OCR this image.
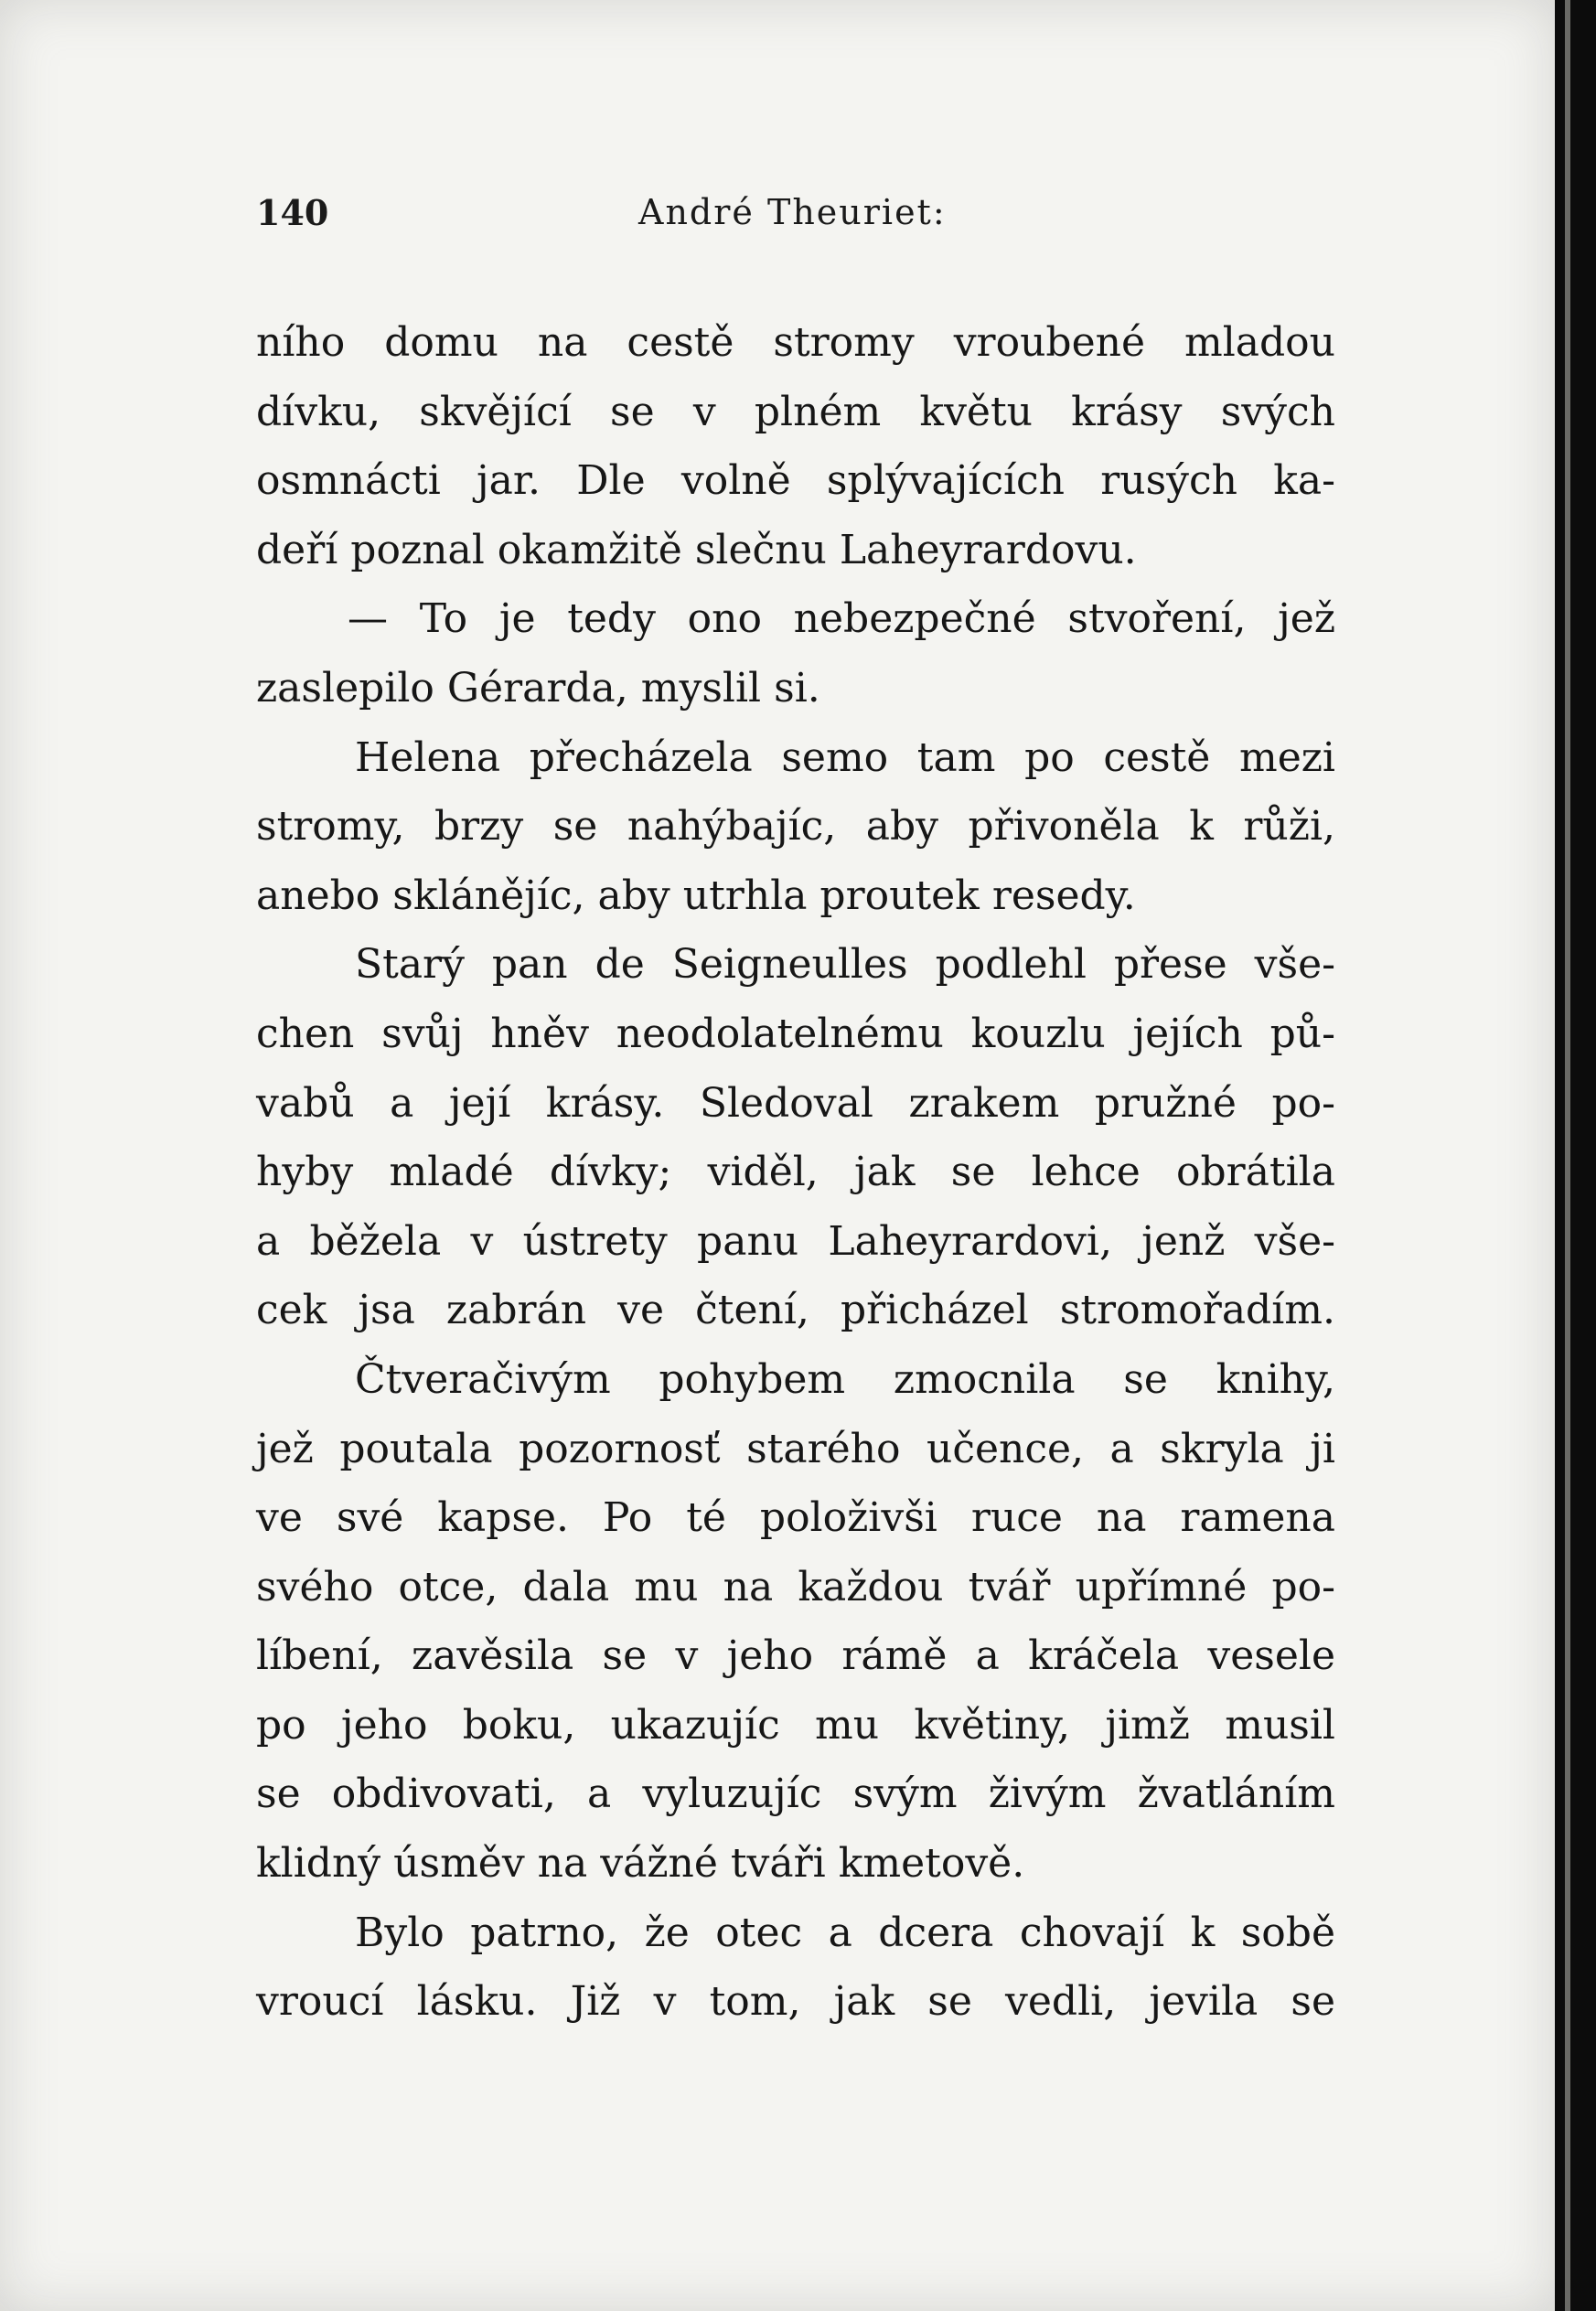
140	André Theuriet:
ního domu na cestě stromy vroubené mladou
dívku, skvějící se v plném květu krásy svých
osmnácti jar. Dle volně splývajících rusých ka-
deří poznal okamžitě slečnu Laheyrardovu.
— To je tedy ono nebezpečné stvoření, jež
zaslepilo Gérarda, myslil si.
Helena přecházela semo tam po cestě mezi
stromy, brzy se nahýbajíc, aby přivoněla k růži,
anebo skláněјíc, aby utrhla proutek resedy.
Starý pan de Seigneulles podlehl přese vše-
chen svůj hněv neodolatelnému kouzlu jejích pů-
vabů a její krásy. Sledoval zrakem pružné po-
hyby mladé dívky; viděl, jak se lehce obrátila
a běžela v ústrety panu Laheyrardovi, jenž vše-
cek jsa zabrán ve čtení, přicházel stromořadím.
Čtveračivým pohybem zmocnila se knihy,
jež poutala pozornosť starého učence, a skryla ji
ve své kapse. Po té položivši ruce na ramena
svého otce, dala mu na každou tvář upřímné po-
líbení, zavěsila se v jeho rámě a kráčela vesele
po jeho boku, ukazujíc mu květiny, jimž musil
se obdivovati, a vyluzujíc svým živým žvatláním
klidný úsměv na vážné tváři kmetově.
Bylo patrno, že otec a dcera chovají k sobě
vroucí lásku. Již v tom, jak se vedli, jevila se
